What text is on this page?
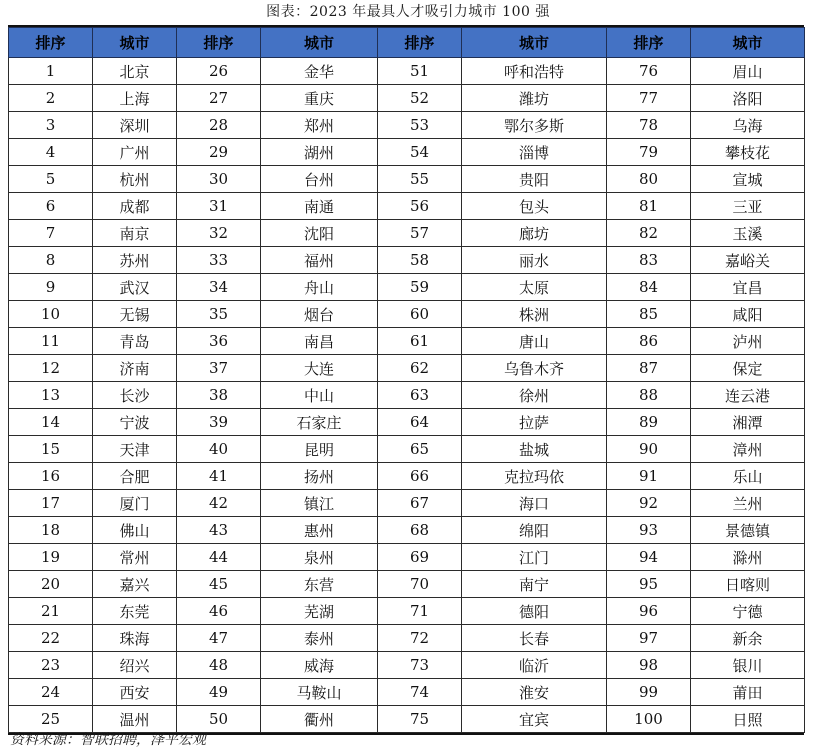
图表：2023 年最具人才吸引力城市 100 强
排序	城市	排序	城市	排序	城市	排序	城市
1	北京	26	金华	51	呼和浩特	76	眉山
2	上海	27	重庆	52	潍坊	77	洛阳
3	深圳	28	郑州	53	鄂尔多斯	78	乌海
4	广州	29	湖州	54	淄博	79	攀枝花
5	杭州	30	台州	55	贵阳	80	宣城
6	成都	31	南通	56	包头	81	三亚
7	南京	32	沈阳	57	廊坊	82	玉溪
8	苏州	33	福州	58	丽水	83	嘉峪关
9	武汉	34	舟山	59	太原	84	宜昌
10	无锡	35	烟台	60	株洲	85	咸阳
11	青岛	36	南昌	61	唐山	86	泸州
12	济南	37	大连	62	乌鲁木齐	87	保定
13	长沙	38	中山	63	徐州	88	连云港
14	宁波	39	石家庄	64	拉萨	89	湘潭
15	天津	40	昆明	65	盐城	90	漳州
16	合肥	41	扬州	66	克拉玛依	91	乐山
17	厦门	42	镇江	67	海口	92	兰州
18	佛山	43	惠州	68	绵阳	93	景德镇
19	常州	44	泉州	69	江门	94	滁州
20	嘉兴	45	东营	70	南宁	95	日喀则
21	东莞	46	芜湖	71	德阳	96	宁德
22	珠海	47	泰州	72	长春	97	新余
23	绍兴	48	威海	73	临沂	98	银川
24	西安	49	马鞍山	74	淮安	99	莆田
25	温州	50	衢州	75	宜宾	100	日照
资料来源：智联招聘，泽平宏观
